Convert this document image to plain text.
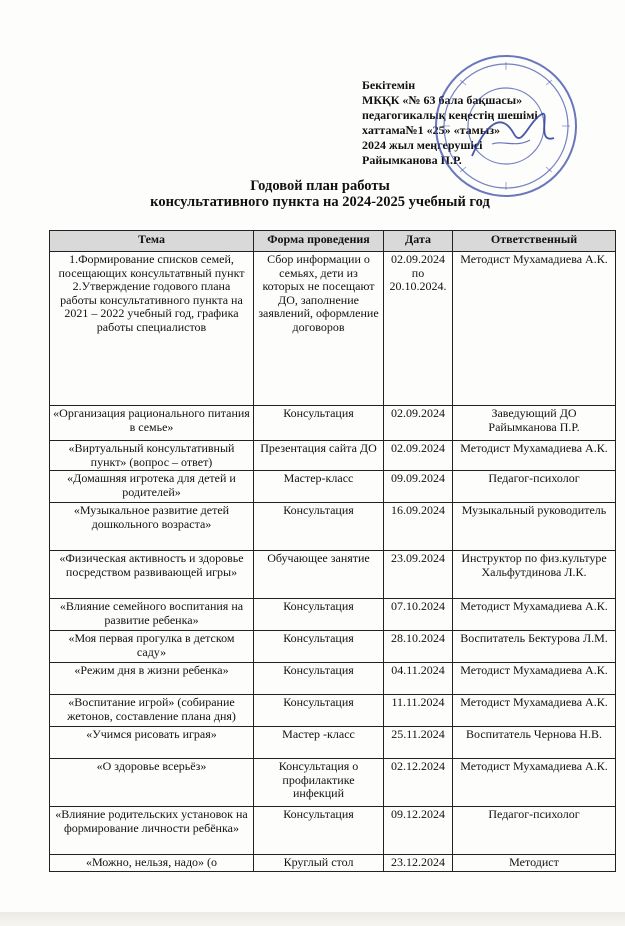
Бекітемін
МКҚК «№ 63 бала бақшасы»
педагогикалық кеңестің шешімі
хаттама№1 «25» «тамыз»
2024 жыл меңгерушісі
Райымканова П.Р.
Годовой план работы
консультативного пункта на 2024-2025 учебный год
Тема	Форма проведения	Дата	Ответственный
1.Формирование списков семей, посещающих консультатвный пункт
2.Утверждение годового плана работы консультативного пункта на 2021 – 2022 учебный год, графика работы специалистов	Сбор информации о семьях, дети из которых не посещают ДО, заполнение заявлений, оформление договоров	02.09.2024 по 20.10.2024.	Методист Мухамадиева А.К.
«Организация рационального питания в семье»	Консультация	02.09.2024	Заведующий ДО Райымканова П.Р.
«Виртуальный консультативный пункт» (вопрос – ответ)	Презентация сайта ДО	02.09.2024	Методист Мухамадиева А.К.
«Домашняя игротека для детей и родителей»	Мастер-класс	09.09.2024	Педагог-психолог
«Музыкальное развитие детей дошкольного возраста»	Консультация	16.09.2024	Музыкальный руководитель
«Физическая активность и здоровье посредством развивающей игры»	Обучающее занятие	23.09.2024	Инструктор по физ.культуре Хальфутдинова Л.К.
«Влияние семейного воспитания на развитие ребенка»	Консультация	07.10.2024	Методист Мухамадиева А.К.
«Моя первая прогулка в детском саду»	Консультация	28.10.2024	Воспитатель Бектурова Л.М.
«Режим дня в жизни ребенка»	Консультация	04.11.2024	Методист Мухамадиева А.К.
«Воспитание игрой» (собирание жетонов, составление плана дня)	Консультация	11.11.2024	Методист Мухамадиева А.К.
«Учимся рисовать играя»	Мастер -класс	25.11.2024	Воспитатель Чернова Н.В.
«О здоровье всерьёз»	Консультация о профилактике инфекций	02.12.2024	Методист Мухамадиева А.К.
«Влияние родительских установок на формирование личности ребёнка»	Консультация	09.12.2024	Педагог-психолог
«Можно, нельзя, надо» (о	Круглый стол	23.12.2024	Методист
